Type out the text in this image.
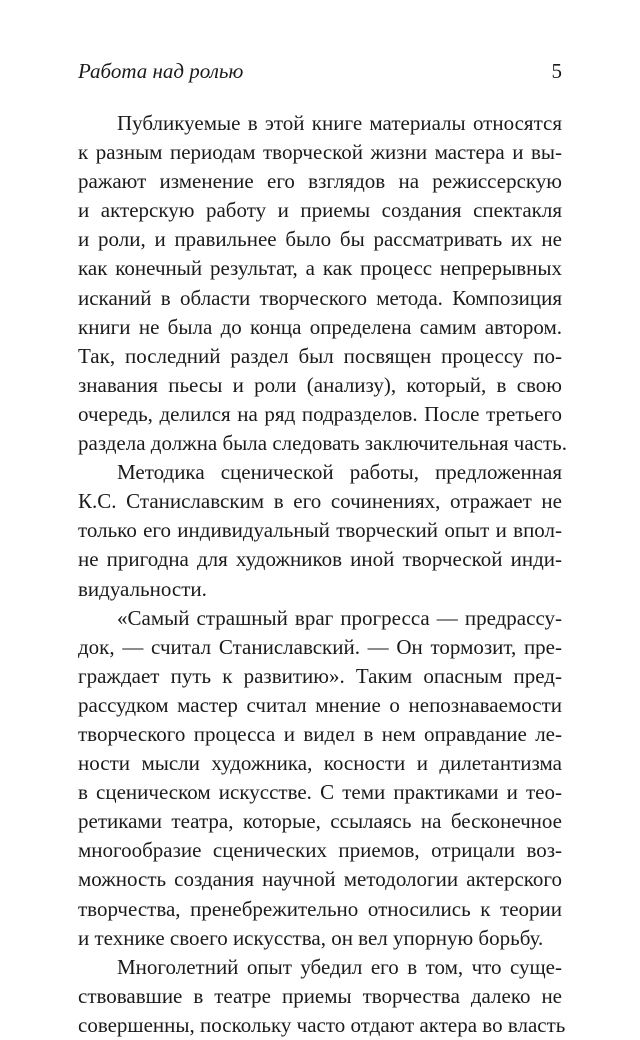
Работа над ролью	5
Публикуемые в этой книге материалы относятся
к разным периодам творческой жизни мастера и вы-
ражают изменение его взглядов на режиссерскую
и актерскую работу и приемы создания спектакля
и роли, и правильнее было бы рассматривать их не
как конечный результат, а как процесс непрерывных
исканий в области творческого метода. Композиция
книги не была до конца определена самим автором.
Так, последний раздел был посвящен процессу по-
знавания пьесы и роли (анализу), который, в свою
очередь, делился на ряд подразделов. После третьего
раздела должна была следовать заключительная часть.
Методика сценической работы, предложенная
К.С. Станиславским в его сочинениях, отражает не
только его индивидуальный творческий опыт и впол-
не пригодна для художников иной творческой инди-
видуальности.
«Самый страшный враг прогресса — предрассу-
док, — считал Станиславский. — Он тормозит, пре-
граждает путь к развитию». Таким опасным пред-
рассудком мастер считал мнение о непознаваемости
творческого процесса и видел в нем оправдание ле-
ности мысли художника, косности и дилетантизма
в сценическом искусстве. С теми практиками и тео-
ретиками театра, которые, ссылаясь на бесконечное
многообразие сценических приемов, отрицали воз-
можность создания научной методологии актерского
творчества, пренебрежительно относились к теории
и технике своего искусства, он вел упорную борьбу.
Многолетний опыт убедил его в том, что суще-
ствовавшие в театре приемы творчества далеко не
совершенны, поскольку часто отдают актера во власть
